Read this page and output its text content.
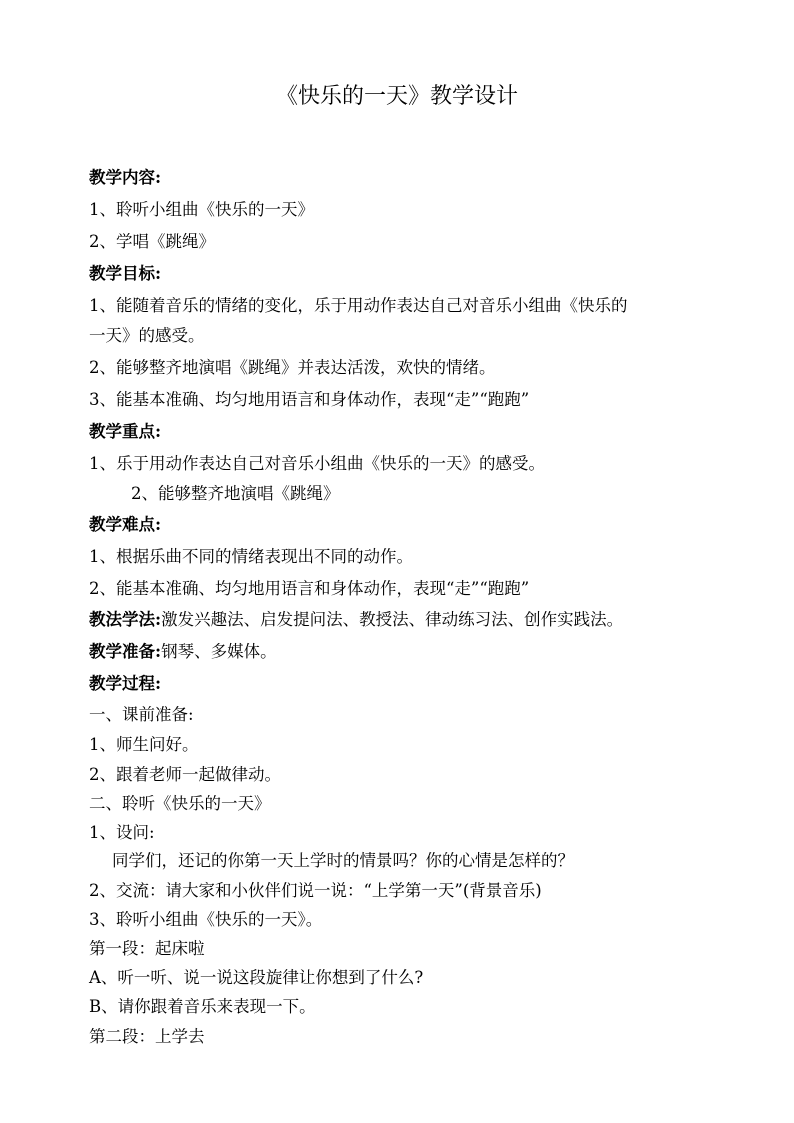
《快乐的一天》教学设计
教学内容:
1、聆听小组曲《快乐的一天》
2、学唱《跳绳》
教学目标:
1、能随着音乐的情绪的变化，乐于用动作表达自己对音乐小组曲《快乐的
一天》的感受。
2、能够整齐地演唱《跳绳》并表达活泼，欢快的情绪。
3、能基本准确、均匀地用语言和身体动作，表现“走”“跑跑”
教学重点:
1、乐于用动作表达自己对音乐小组曲《快乐的一天》的感受。
2、能够整齐地演唱《跳绳》
教学难点:
1、根据乐曲不同的情绪表现出不同的动作。
2、能基本准确、均匀地用语言和身体动作，表现“走”“跑跑”
教法学法:激发兴趣法、启发提问法、教授法、律动练习法、创作实践法。
教学准备:钢琴、多媒体。
教学过程:
一、课前准备:
1、师生问好。
2、跟着老师一起做律动。
二、聆听《快乐的一天》
1、设问:
同学们，还记的你第一天上学时的情景吗？你的心情是怎样的？
2、交流：请大家和小伙伴们说一说：“上学第一天”(背景音乐)
3、聆听小组曲《快乐的一天》。
第一段：起床啦
A、听一听、说一说这段旋律让你想到了什么?
B、请你跟着音乐来表现一下。
第二段：上学去
